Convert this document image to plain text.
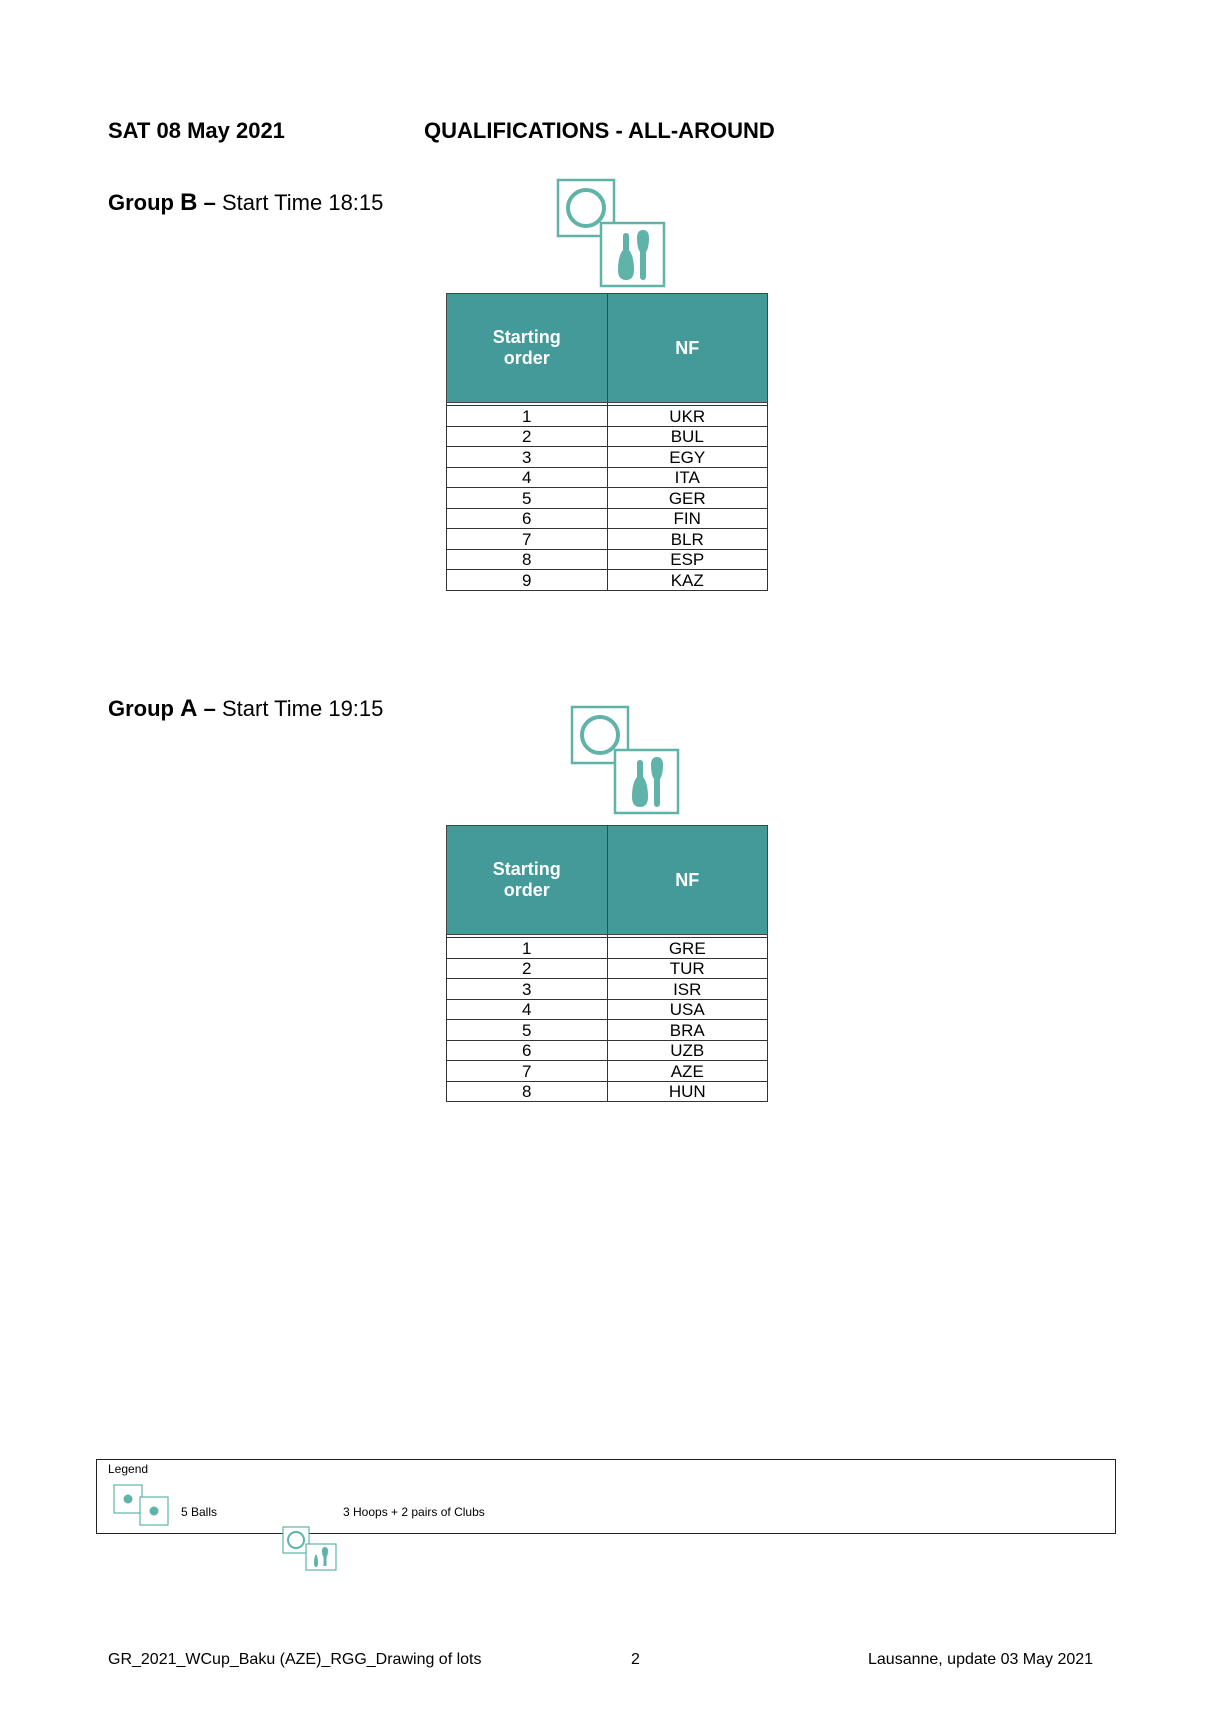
SAT 08 May 2021	QUALIFICATIONS - ALL-AROUND
Group B – Start Time 18:15
Starting
order	NF

1	UKR
2	BUL
3	EGY
4	ITA
5	GER
6	FIN
7	BLR
8	ESP
9	KAZ
Group A – Start Time 19:15
Starting
order	NF

1	GRE
2	TUR
3	ISR
4	USA
5	BRA
6	UZB
7	AZE
8	HUN
Legend
5 Balls	3 Hoops + 2 pairs of Clubs
GR_2021_WCup_Baku (AZE)_RGG_Drawing of lots	2	Lausanne, update 03 May 2021
